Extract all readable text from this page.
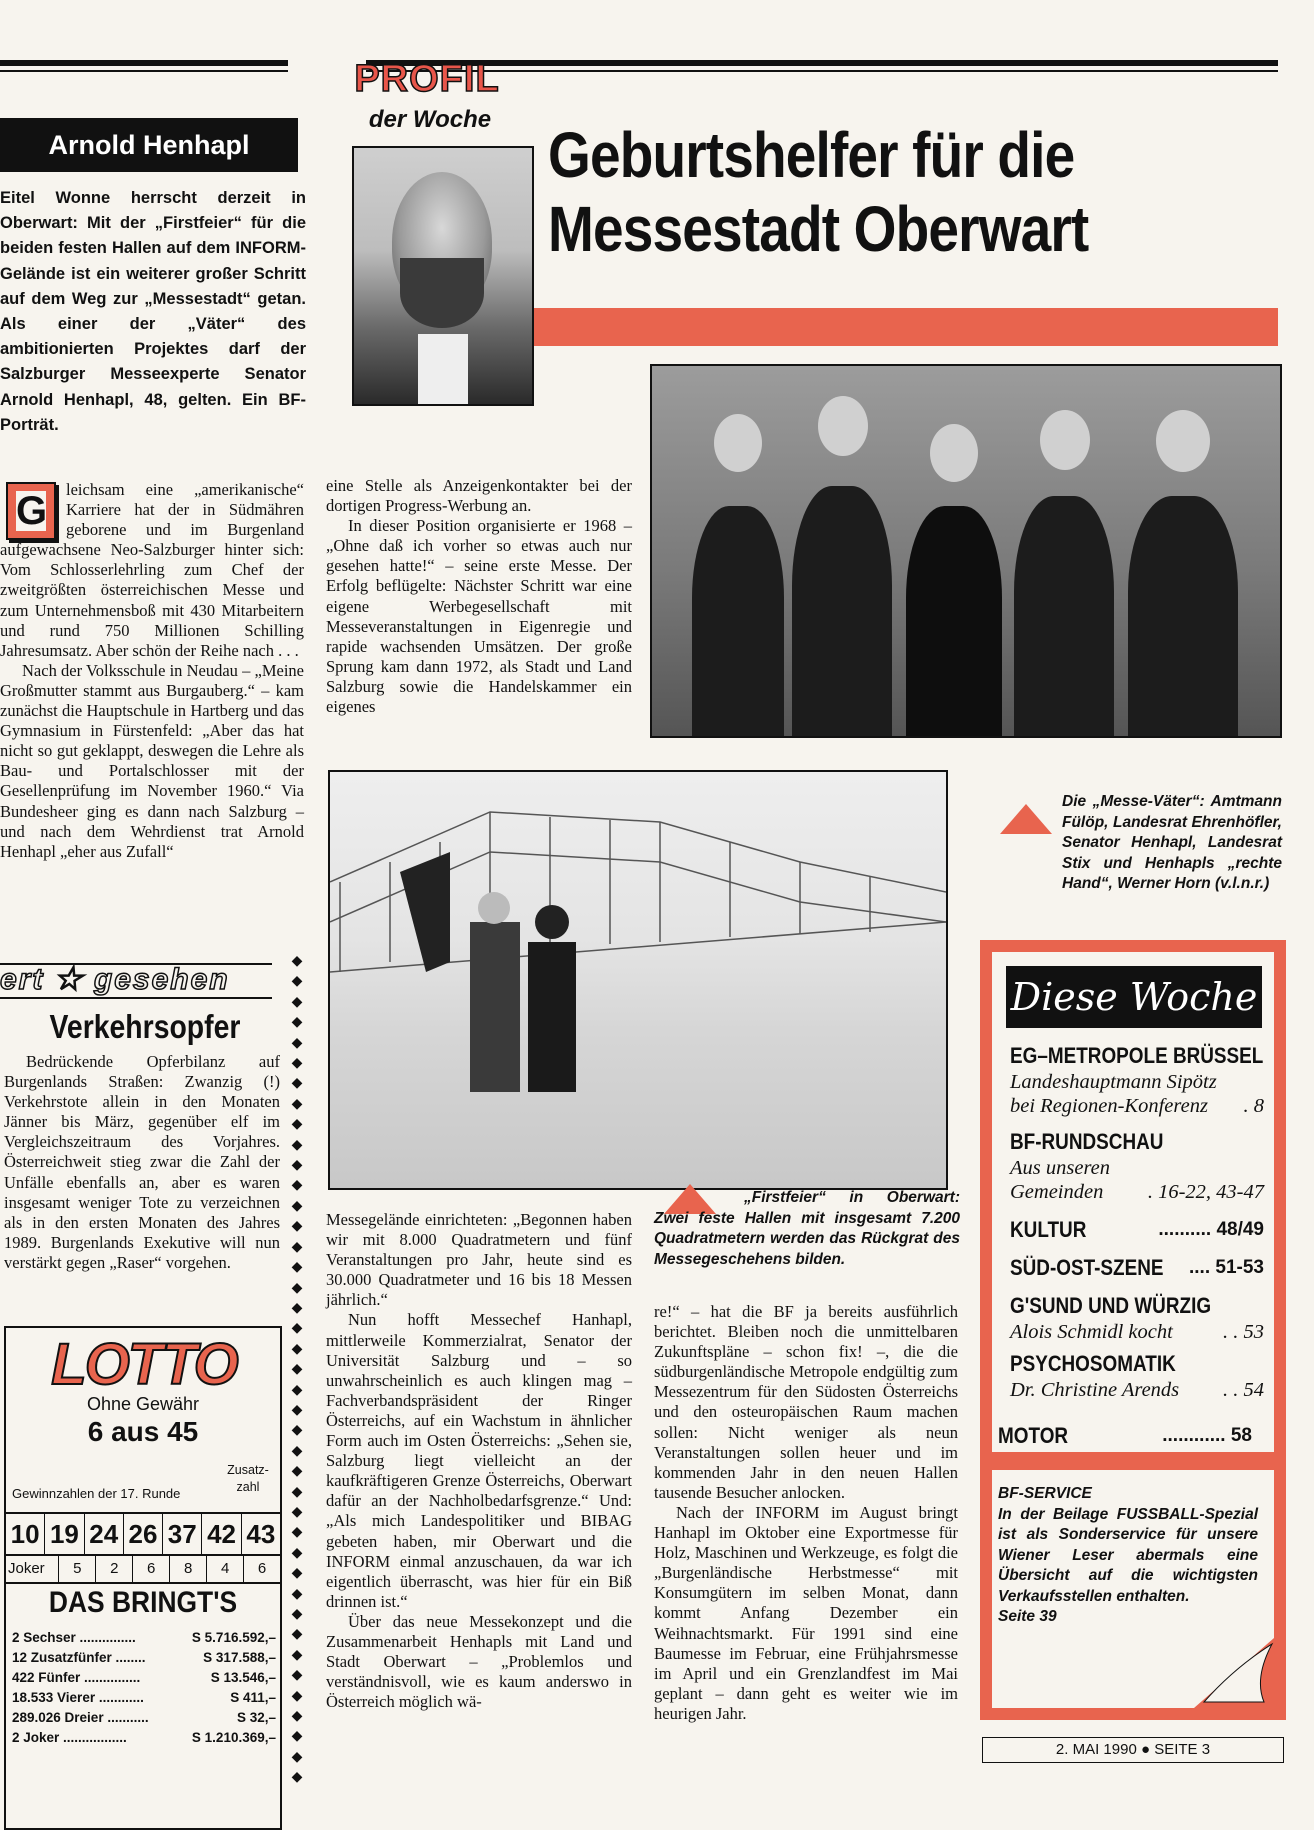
PROFIL
der Woche Geburtshelfer für die
Messestadt Oberwart
Arnold Henhapl
Eitel Wonne herrscht derzeit in Oberwart: Mit der „Firstfeier“ für die beiden festen Hallen auf dem INFORM-Gelände ist ein weiterer großer Schritt auf dem Weg zur „Messestadt“ getan. Als einer der „Väter“ des ambitionierten Projektes darf der Salzburger Messeexperte Senator Arnold Henhapl, 48, gelten. Ein BF-Porträt.
G	leichsam eine „amerikanische“ Karriere hat der in Südmähren geborene und im Burgenland aufgewachsene Neo-Salzburger hinter sich: Vom Schlosserlehrling zum Chef der zweitgrößten österreichischen Messe und zum Unternehmensboß mit 430 Mitarbeitern und rund 750 Millionen Schilling Jahresumsatz. Aber schön der Reihe nach . . .

Nach der Volksschule in Neudau – „Meine Großmutter stammt aus Burgauberg.“ – kam zunächst die Hauptschule in Hartberg und das Gymnasium in Fürstenfeld: „Aber das hat nicht so gut geklappt, deswegen die Lehre als Bau- und Portalschlosser mit der Gesellenprüfung im November 1960.“ Via Bundesheer ging es dann nach Salzburg – und nach dem Wehrdienst trat Arnold Henhapl „eher aus Zufall“

eine Stelle als Anzeigenkontakter bei der dortigen Progress-Werbung an.

In dieser Position organisierte er 1968 – „Ohne daß ich vorher so etwas auch nur gesehen hatte!“ – seine erste Messe. Der Erfolg beflügelte: Nächster Schritt war eine eigene Werbegesellschaft mit Messeveranstaltungen in Eigenregie und rapide wachsenden Umsätzen. Der große Sprung kam dann 1972, als Stadt und Land Salzburg sowie die Handelskammer ein eigenes

Die „Messe-Väter“: Amtmann Fülöp, Landesrat Ehrenhöfler, Senator Henhapl, Landesrat Stix und Henhapls „rechte Hand“, Werner Horn (v.l.n.r.)
„Firstfeier“ in Oberwart: Zwei feste Hallen mit insgesamt 7.200 Quadratmetern werden das Rückgrat des Messegeschehens bilden.

Messegelände einrichteten: „Begonnen haben wir mit 8.000 Quadratmetern und fünf Veranstaltungen pro Jahr, heute sind es 30.000 Quadratmeter und 16 bis 18 Messen jährlich.“

Nun hofft Messechef Hanhapl, mittlerweile Kommerzialrat, Senator der Universität Salzburg und – so unwahrscheinlich es auch klingen mag – Fachverbandspräsident der Ringer Österreichs, auf ein Wachstum in ähnlicher Form auch im Osten Österreichs: „Sehen sie, Salzburg liegt vielleicht an der kaufkräftigeren Grenze Österreichs, Oberwart dafür an der Nachholbedarfsgrenze.“ Und: „Als mich Landespolitiker und BIBAG gebeten haben, mir Oberwart und die INFORM einmal anzuschauen, da war ich eigentlich überrascht, was hier für ein Biß drinnen ist.“

Über das neue Messekonzept und die Zusammenarbeit Henhapls mit Land und Stadt Oberwart – „Problemlos und verständnisvoll, wie es kaum anderswo in Österreich möglich wä-

re!“ – hat die BF ja bereits ausführlich berichtet. Bleiben noch die unmittelbaren Zukunftspläne – schon fix! –, die die südburgenländische Metropole endgültig zum Messezentrum für den Südosten Österreichs und den osteuropäischen Raum machen sollen: Nicht weniger als neun Veranstaltungen sollen heuer und im kommenden Jahr in den neuen Hallen tausende Besucher anlocken.

Nach der INFORM im August bringt Hanhapl im Oktober eine Exportmesse für Holz, Maschinen und Werkzeuge, es folgt die „Burgenländische Herbstmesse“ mit Konsumgütern im selben Monat, dann kommt Anfang Dezember ein Weihnachtsmarkt. Für 1991 sind eine Baumesse im Februar, eine Frühjahrsmesse im April und ein Grenzlandfest im Mai geplant – dann geht es weiter wie im heurigen Jahr.

ert ★ gesehen
Verkehrsopfer

Bedrückende Opferbilanz auf Burgenlands Straßen: Zwanzig (!) Verkehrstote allein in den Monaten Jänner bis März, gegenüber elf im Vergleichszeitraum des Vorjahres. Österreichweit stieg zwar die Zahl der Unfälle ebenfalls an, aber es waren insgesamt weniger Tote zu verzeichnen als in den ersten Monaten des Jahres 1989. Burgenlands Exekutive will nun verstärkt gegen „Raser“ vorgehen.

◆
◆
◆
◆
◆
◆
◆
◆
◆
◆
◆
◆
◆
◆
◆
◆
◆
◆
◆
◆
◆
◆
◆
◆
◆
◆
◆
◆
◆
◆
◆
◆
◆
◆
◆
◆
◆
◆
◆
◆
◆
LOTTO
Ohne Gewähr
6 aus 45
Zusatz-zahl
Gewinnzahlen der 17. Runde
10 19 24 26 37 42 43
Joker	5	2	6	8	4	6
DAS BRINGT'S
2 Sechser ...............	S 5.716.592,–
12 Zusatzfünfer ........	S 317.588,–
422 Fünfer ...............	S 13.546,–
18.533 Vierer ............	S 411,–
289.026 Dreier ...........	S 32,–
2 Joker .................	S 1.210.369,–
Diese Woche
EG–METROPOLE BRÜSSEL
Landeshauptmann Sipötz
bei Regionen-Konferenz . 8
BF-RUNDSCHAU
Aus unseren
Gemeinden . 16-22, 43-47
KULTUR	.......... 48/49
SÜD-OST-SZENE .... 51-53
G'SUND UND WÜRZIG
Alois Schmidl kocht . . 53
PSYCHOSOMATIK
Dr. Christine Arends . . 54
MOTOR	............ 58
BF-SERVICE
In der Beilage FUSSBALL-Spezial ist als Sonderservice für unsere Wiener Leser abermals eine Übersicht auf die wichtigsten Verkaufsstellen enthalten.
Seite 39
2. MAI 1990 ● SEITE 3
